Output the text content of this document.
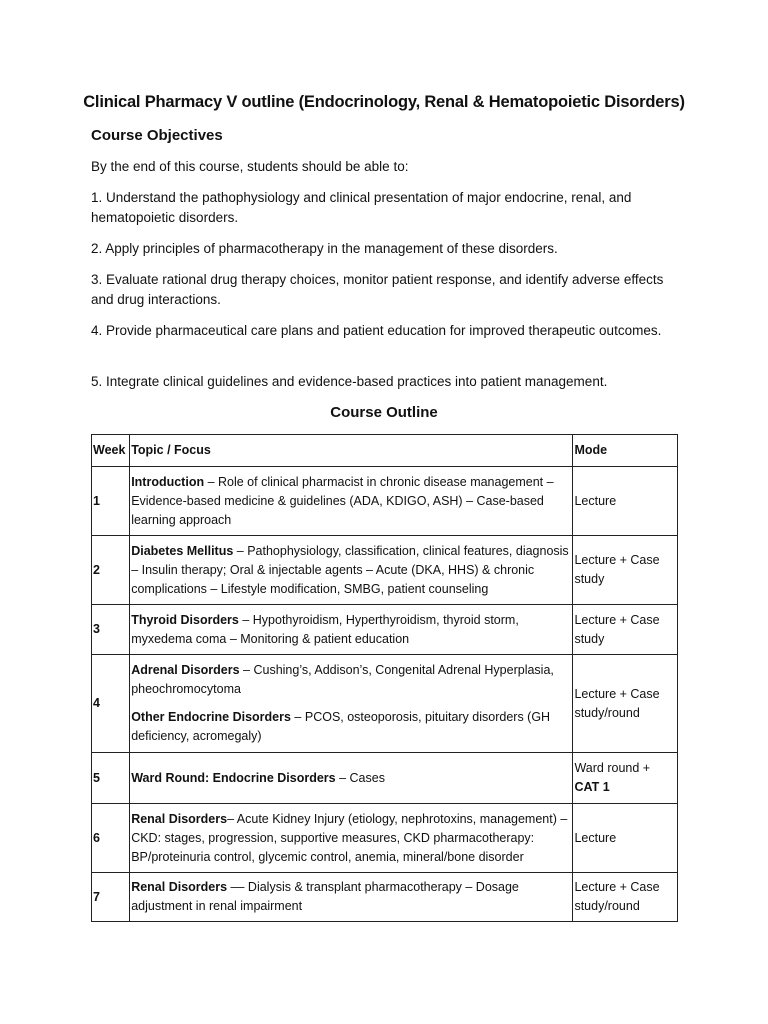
Clinical Pharmacy V outline (Endocrinology, Renal & Hematopoietic Disorders)
Course Objectives
By the end of this course, students should be able to:
1. Understand the pathophysiology and clinical presentation of major endocrine, renal, and hematopoietic disorders.
2. Apply principles of pharmacotherapy in the management of these disorders.
3. Evaluate rational drug therapy choices, monitor patient response, and identify adverse effects and drug interactions.
4. Provide pharmaceutical care plans and patient education for improved therapeutic outcomes.
5. Integrate clinical guidelines and evidence-based practices into patient management.
Course Outline
Week	Topic / Focus	Mode
1	Introduction – Role of clinical pharmacist in chronic disease management – Evidence-based medicine & guidelines (ADA, KDIGO, ASH) – Case-based learning approach	Lecture
2	Diabetes Mellitus – Pathophysiology, classification, clinical features, diagnosis – Insulin therapy; Oral & injectable agents – Acute (DKA, HHS) & chronic complications – Lifestyle modification, SMBG, patient counseling	Lecture + Case study
3	Thyroid Disorders – Hypothyroidism, Hyperthyroidism, thyroid storm, myxedema coma – Monitoring & patient education	Lecture + Case study
4	Adrenal Disorders – Cushing’s, Addison’s, Congenital Adrenal Hyperplasia, pheochromocytoma
Other Endocrine Disorders – PCOS, osteoporosis, pituitary disorders (GH deficiency, acromegaly)	Lecture + Case study/round
5	Ward Round: Endocrine Disorders – Cases	Ward round + CAT 1
6	Renal Disorders– Acute Kidney Injury (etiology, nephrotoxins, management) – CKD: stages, progression, supportive measures, CKD pharmacotherapy: BP/proteinuria control, glycemic control, anemia, mineral/bone disorder	Lecture
7	Renal Disorders –– Dialysis & transplant pharmacotherapy – Dosage adjustment in renal impairment	Lecture + Case study/round
